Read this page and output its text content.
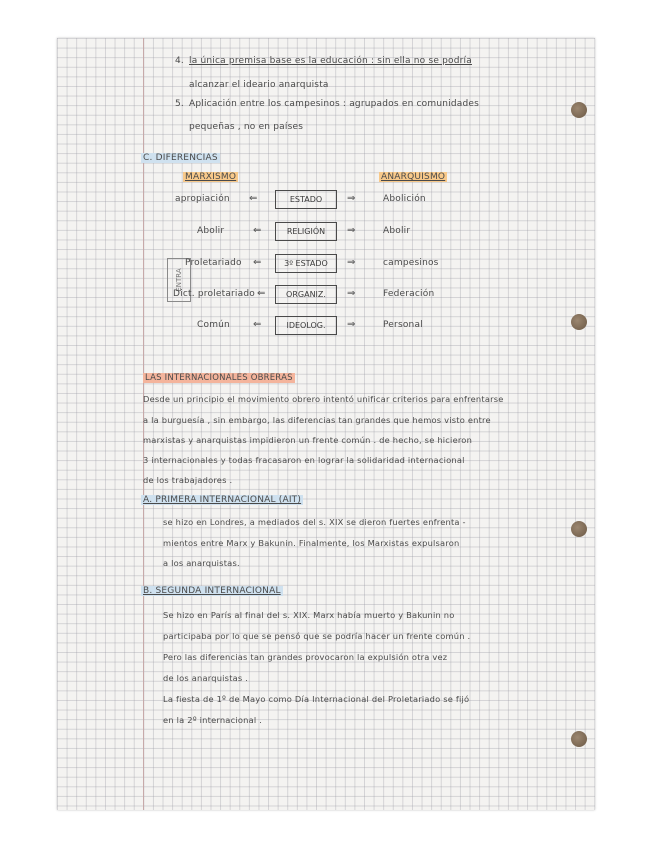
4. la única premisa base es la educación : sin ella no se podría
alcanzar el ideario anarquista
5. Aplicación entre los campesinos : agrupados en comunidades
pequeñas , no en países
C. DIFERENCIAS
MARXISMO	ANARQUISMO
ENTRA
apropiación ⇐	ESTADO	⇒	Abolición
Abolir	⇐	RELIGIÓN	⇒	Abolir
Proletariado ⇐	3º ESTADO	⇒	campesinos
Dict. proletariado ⇐	ORGANIZ.	⇒	Federación
Común ⇐	IDEOLOG.	⇒	Personal
LAS INTERNACIONALES OBRERAS
Desde un principio el movimiento obrero intentó unificar criterios para enfrentarse
a la burguesía , sin embargo, las diferencias tan grandes que hemos visto entre
marxistas y anarquistas impidieron un frente común . de hecho, se hicieron
3 internacionales y todas fracasaron en lograr la solidaridad internacional
de los trabajadores .
A. PRIMERA INTERNACIONAL (AIT)
se hizo en Londres, a mediados del s. XIX se dieron fuertes enfrenta -
mientos entre Marx y Bakunin. Finalmente, los Marxistas expulsaron
a los anarquistas.
B. SEGUNDA INTERNACIONAL
Se hizo en París al final del s. XIX. Marx había muerto y Bakunin no
participaba por lo que se pensó que se podría hacer un frente común .
Pero las diferencias tan grandes provocaron la expulsión otra vez
de los anarquistas .
La fiesta de 1º de Mayo como Día Internacional del Proletariado se fijó
en la 2º internacional .
